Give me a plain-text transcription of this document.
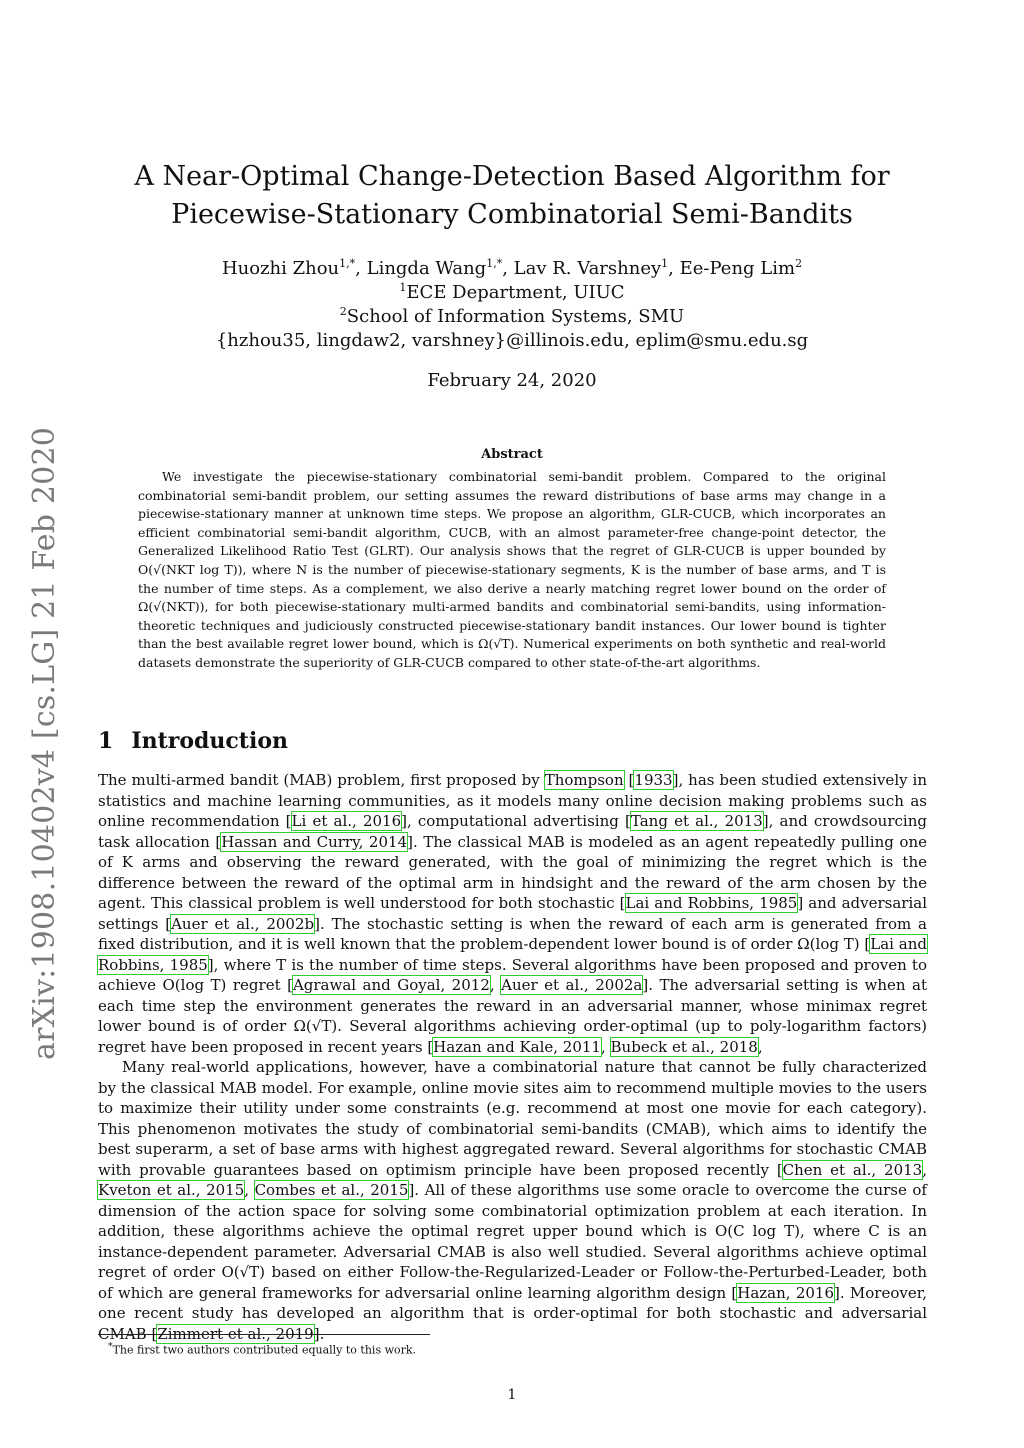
arXiv:1908.10402v4 [cs.LG] 21 Feb 2020
A Near-Optimal Change-Detection Based Algorithm for
Piecewise-Stationary Combinatorial Semi-Bandits
Huozhi Zhou$^{1,*}$, Lingda Wang$^{1,*}$, Lav R. Varshney$^1$, Ee-Peng Lim$^2$
$^1$ECE Department, UIUC
$^2$School of Information Systems, SMU
{hzhou35, lingdaw2, varshney}@illinois.edu, eplim@smu.edu.sg
February 24, 2020
Abstract
We investigate the piecewise-stationary combinatorial semi-bandit problem. Compared to the original combinatorial semi-bandit problem, our setting assumes the reward distributions of base arms may change in a piecewise-stationary manner at unknown time steps. We propose an algorithm, GLR-CUCB, which incorporates an efficient combinatorial semi-bandit algorithm, CUCB, with an almost parameter-free change-point detector, the Generalized Likelihood Ratio Test (GLRT). Our analysis shows that the regret of GLR-CUCB is upper bounded by O(√(NKT log T)), where N is the number of piecewise-stationary segments, K is the number of base arms, and T is the number of time steps. As a complement, we also derive a nearly matching regret lower bound on the order of Ω(√(NKT)), for both piecewise-stationary multi-armed bandits and combinatorial semi-bandits, using information-theoretic techniques and judiciously constructed piecewise-stationary bandit instances. Our lower bound is tighter than the best available regret lower bound, which is Ω(√T). Numerical experiments on both synthetic and real-world datasets demonstrate the superiority of GLR-CUCB compared to other state-of-the-art algorithms.
1 Introduction

The multi-armed bandit (MAB) problem, first proposed by Thompson [1933], has been studied extensively in statistics and machine learning communities, as it models many online decision making problems such as online recommendation [Li et al., 2016], computational advertising [Tang et al., 2013], and crowdsourcing task allocation [Hassan and Curry, 2014]. The classical MAB is modeled as an agent repeatedly pulling one of K arms and observing the reward generated, with the goal of minimizing the regret which is the difference between the reward of the optimal arm in hindsight and the reward of the arm chosen by the agent. This classical problem is well understood for both stochastic [Lai and Robbins, 1985] and adversarial settings [Auer et al., 2002b]. The stochastic setting is when the reward of each arm is generated from a fixed distribution, and it is well known that the problem-dependent lower bound is of order Ω(log T) [Lai and Robbins, 1985], where T is the number of time steps. Several algorithms have been proposed and proven to achieve O(log T) regret [Agrawal and Goyal, 2012, Auer et al., 2002a]. The adversarial setting is when at each time step the environment generates the reward in an adversarial manner, whose minimax regret lower bound is of order Ω(√T). Several algorithms achieving order-optimal (up to poly-logarithm factors) regret have been proposed in recent years [Hazan and Kale, 2011, Bubeck et al., 2018,

Many real-world applications, however, have a combinatorial nature that cannot be fully characterized by the classical MAB model. For example, online movie sites aim to recommend multiple movies to the users to maximize their utility under some constraints (e.g. recommend at most one movie for each category). This phenomenon motivates the study of combinatorial semi-bandits (CMAB), which aims to identify the best superarm, a set of base arms with highest aggregated reward. Several algorithms for stochastic CMAB with provable guarantees based on optimism principle have been proposed recently [Chen et al., 2013, Kveton et al., 2015, Combes et al., 2015]. All of these algorithms use some oracle to overcome the curse of dimension of the action space for solving some combinatorial optimization problem at each iteration. In addition, these algorithms achieve the optimal regret upper bound which is O(C log T), where C is an instance-dependent parameter. Adversarial CMAB is also well studied. Several algorithms achieve optimal regret of order O(√T) based on either Follow-the-Regularized-Leader or Follow-the-Perturbed-Leader, both of which are general frameworks for adversarial online learning algorithm design [Hazan, 2016]. Moreover, one recent study has developed an algorithm that is order-optimal for both stochastic and adversarial CMAB [Zimmert et al., 2019].

*The first two authors contributed equally to this work.
1
